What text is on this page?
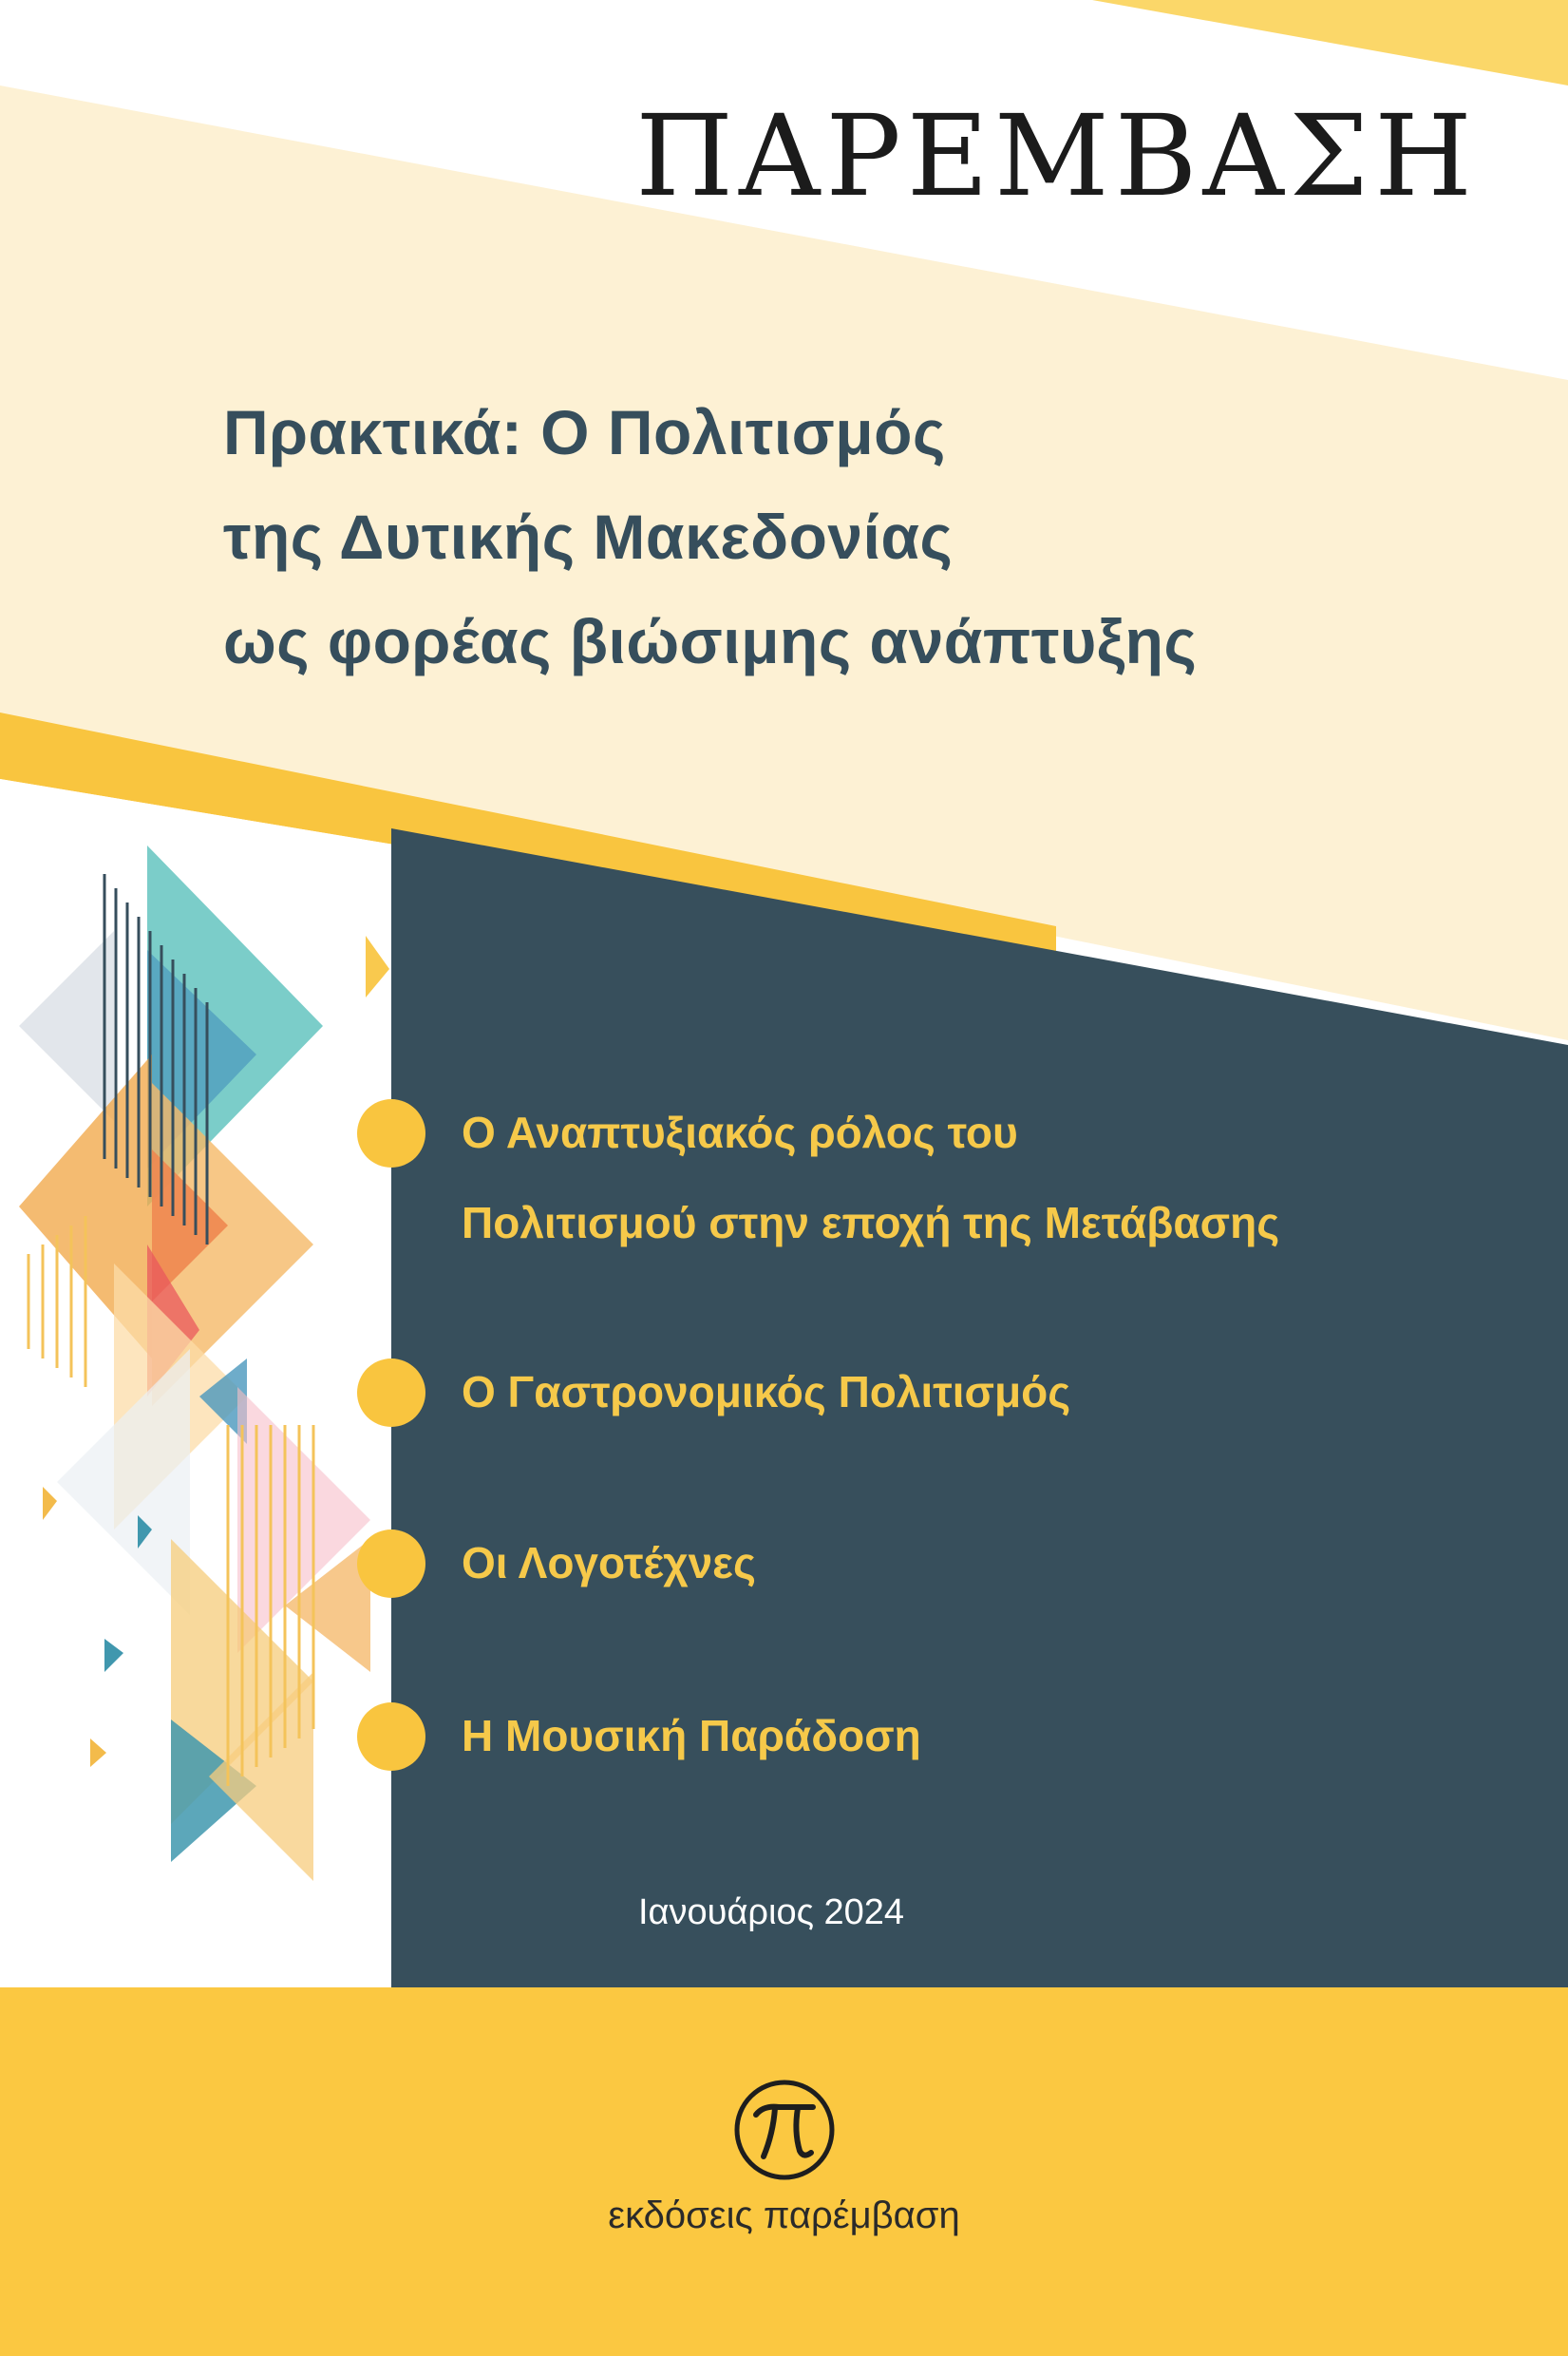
ΠΑΡΕΜΒΑΣΗ
Πρακτικά: Ο Πολιτισμός
της Δυτικής Μακεδονίας
ως φορέας βιώσιμης ανάπτυξης

Ο Αναπτυξιακός ρόλος του
Πολιτισμού στην εποχή της Μετάβασης

Ο Γαστρονομικός Πολιτισμός

Οι Λογοτέχνες

Η Μουσική Παράδοση

Ιανουάριος 2024
εκδόσεις παρέμβαση
